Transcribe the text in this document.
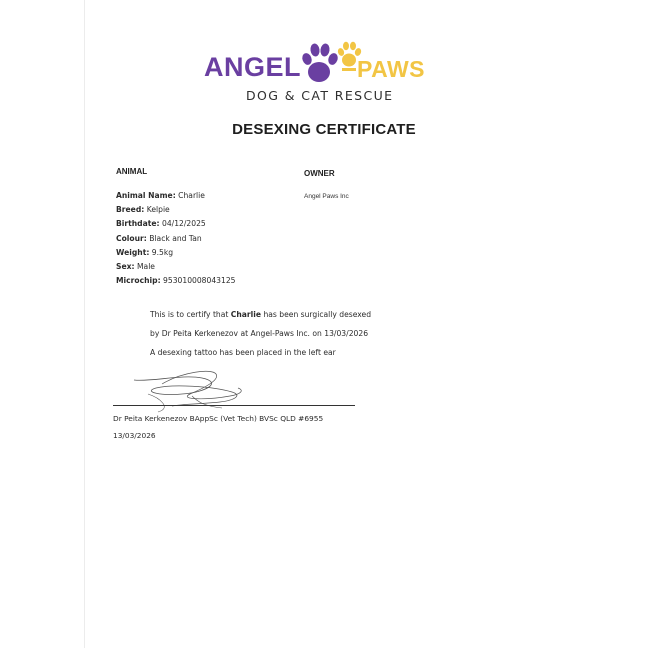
ANGEL PAWS
DOG & CAT RESCUE
DESEXING CERTIFICATE
ANIMAL	OWNER
Angel Paws Inc
Animal Name: Charlie
Breed: Kelpie
Birthdate: 04/12/2025
Colour: Black and Tan
Weight: 9.5kg
Sex: Male
Microchip: 953010008043125
This is to certify that Charlie has been surgically desexed
by Dr Peita Kerkenezov at Angel-Paws Inc. on 13/03/2026
A desexing tattoo has been placed in the left ear
Dr Peita Kerkenezov BAppSc (Vet Tech) BVSc QLD #6955
13/03/2026
